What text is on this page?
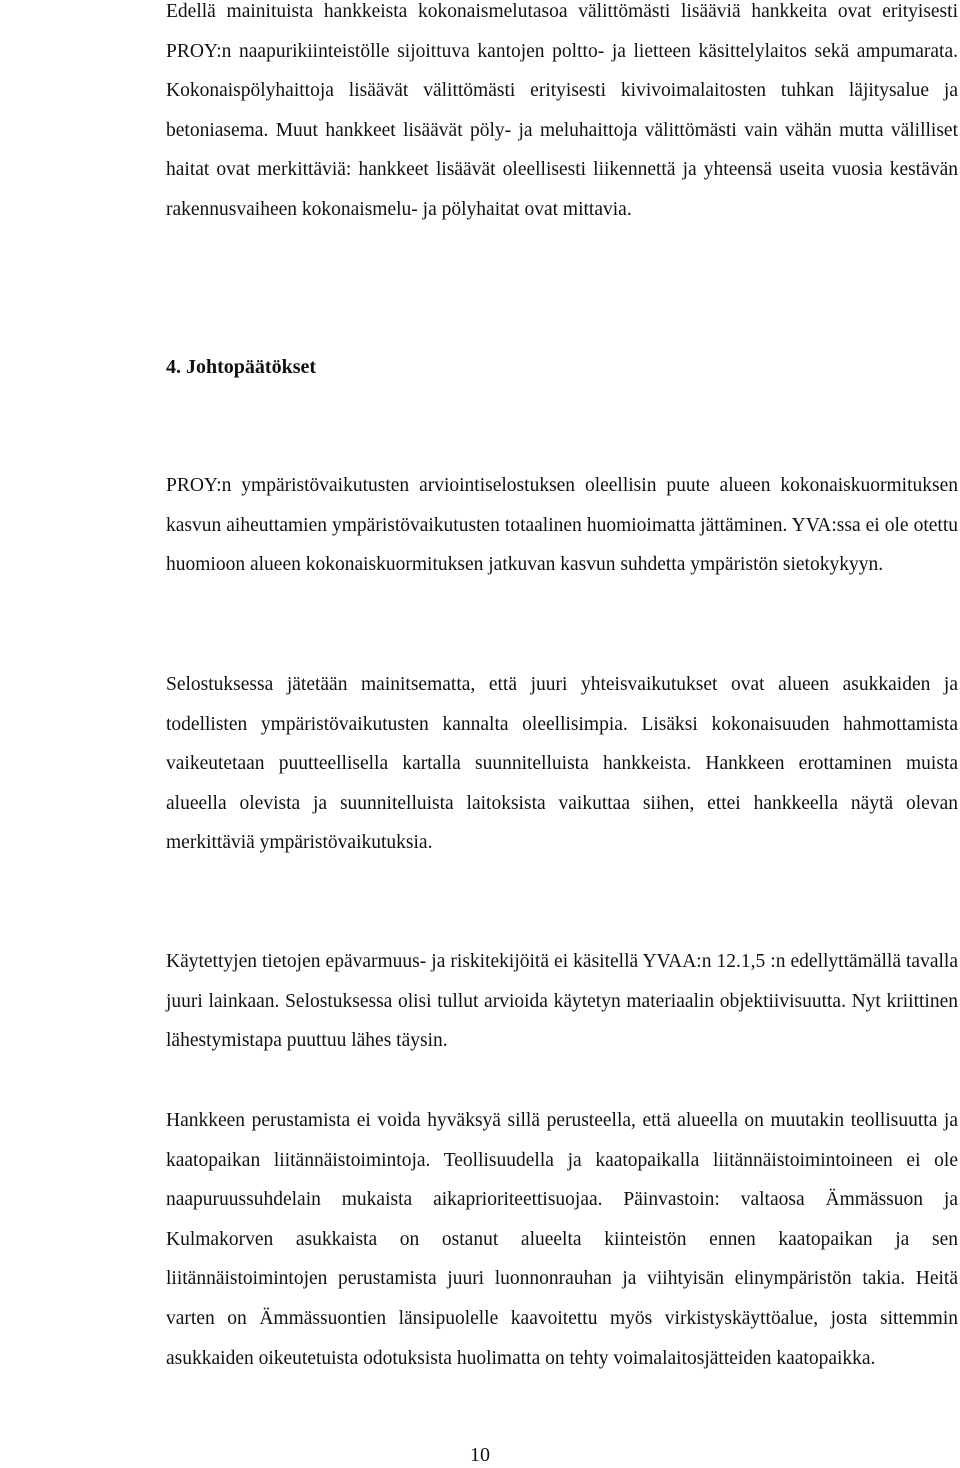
Edellä mainituista hankkeista kokonaismelutasoa välittömästi lisääviä hankkeita ovat erityisesti PROY:n naapurikiinteistölle sijoittuva kantojen poltto- ja lietteen käsittelylaitos sekä ampumarata. Kokonaispölyhaittoja lisäävät välittömästi erityisesti kivivoimalaitosten tuhkan läjitysalue ja betoniasema. Muut hankkeet lisäävät pöly- ja meluhaittoja välittömästi vain vähän mutta välilliset haitat ovat merkittäviä: hankkeet lisäävät oleellisesti liikennettä ja yhteensä useita vuosia kestävän rakennusvaiheen kokonaismelu- ja pölyhaitat ovat mittavia.

4. Johtopäätökset

PROY:n ympäristövaikutusten arviointiselostuksen oleellisin puute alueen kokonaiskuormituksen kasvun aiheuttamien ympäristövaikutusten totaalinen huomioimatta jättäminen. YVA:ssa ei ole otettu huomioon alueen kokonaiskuormituksen jatkuvan kasvun suhdetta ympäristön sietokykyyn.

Selostuksessa jätetään mainitsematta, että juuri yhteisvaikutukset ovat alueen asukkaiden ja todellisten ympäristövaikutusten kannalta oleellisimpia. Lisäksi kokonaisuuden hahmottamista vaikeutetaan puutteellisella kartalla suunnitelluista hankkeista. Hankkeen erottaminen muista alueella olevista ja suunnitelluista laitoksista vaikuttaa siihen, ettei hankkeella näytä olevan merkittäviä ympäristövaikutuksia.

Käytettyjen tietojen epävarmuus- ja riskitekijöitä ei käsitellä YVAA:n 12.1,5 :n edellyttämällä tavalla juuri lainkaan. Selostuksessa olisi tullut arvioida käytetyn materiaalin objektiivisuutta. Nyt kriittinen lähestymistapa puuttuu lähes täysin.

Hankkeen perustamista ei voida hyväksyä sillä perusteella, että alueella on muutakin teollisuutta ja kaatopaikan liitännäistoimintoja. Teollisuudella ja kaatopaikalla liitännäistoimintoineen ei ole naapuruussuhdelain mukaista aikaprioriteettisuojaa. Päinvastoin: valtaosa Ämmässuon ja Kulmakorven asukkaista on ostanut alueelta kiinteistön ennen kaatopaikan ja sen liitännäistoimintojen perustamista juuri luonnonrauhan ja viihtyisän elinympäristön takia. Heitä varten on Ämmässuontien länsipuolelle kaavoitettu myös virkistyskäyttöalue, josta sittemmin asukkaiden oikeutetuista odotuksista huolimatta on tehty voimalaitosjätteiden kaatopaikka.

10
